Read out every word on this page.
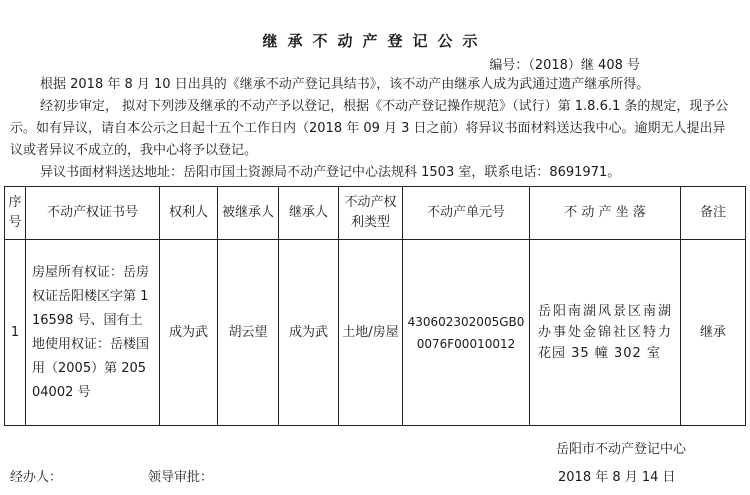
继承不动产登记公示
编号：（2018）继 408 号
根据 2018 年 8 月 10 日出具的《继承不动产登记具结书》，该不动产由继承人成为武通过遗产继承所得。
经初步审定， 拟对下列涉及继承的不动产予以登记，根据《不动产登记操作规范》（试行）第 1.8.6.1 条的规定，现予公示。如有异议，请自本公示之日起十五个工作日内（2018 年 09 月 3 日之前）将异议书面材料送达我中心。逾期无人提出异议或者异议不成立的，我中心将予以登记。
异议书面材料送达地址：岳阳市国土资源局不动产登记中心法规科 1503 室，联系电话：8691971。
序号	不动产权证书号	权利人	被继承人	继承人	不动产权利类型	不动产单元号	不 动 产 坐 落	备注
1	房屋所有权证：岳房权证岳阳楼区字第 116598 号、国有土地使用权证：岳楼国用（2005）第 20504002 号	成为武	胡云望	成为武	土地/房屋	430602302005GB00076F00010012	岳阳南湖风景区南湖办事处金锦社区特力花园 35 幢 302 室	继承
岳阳市不动产登记中心
经办人：	领导审批：	2018 年 8 月 14 日
